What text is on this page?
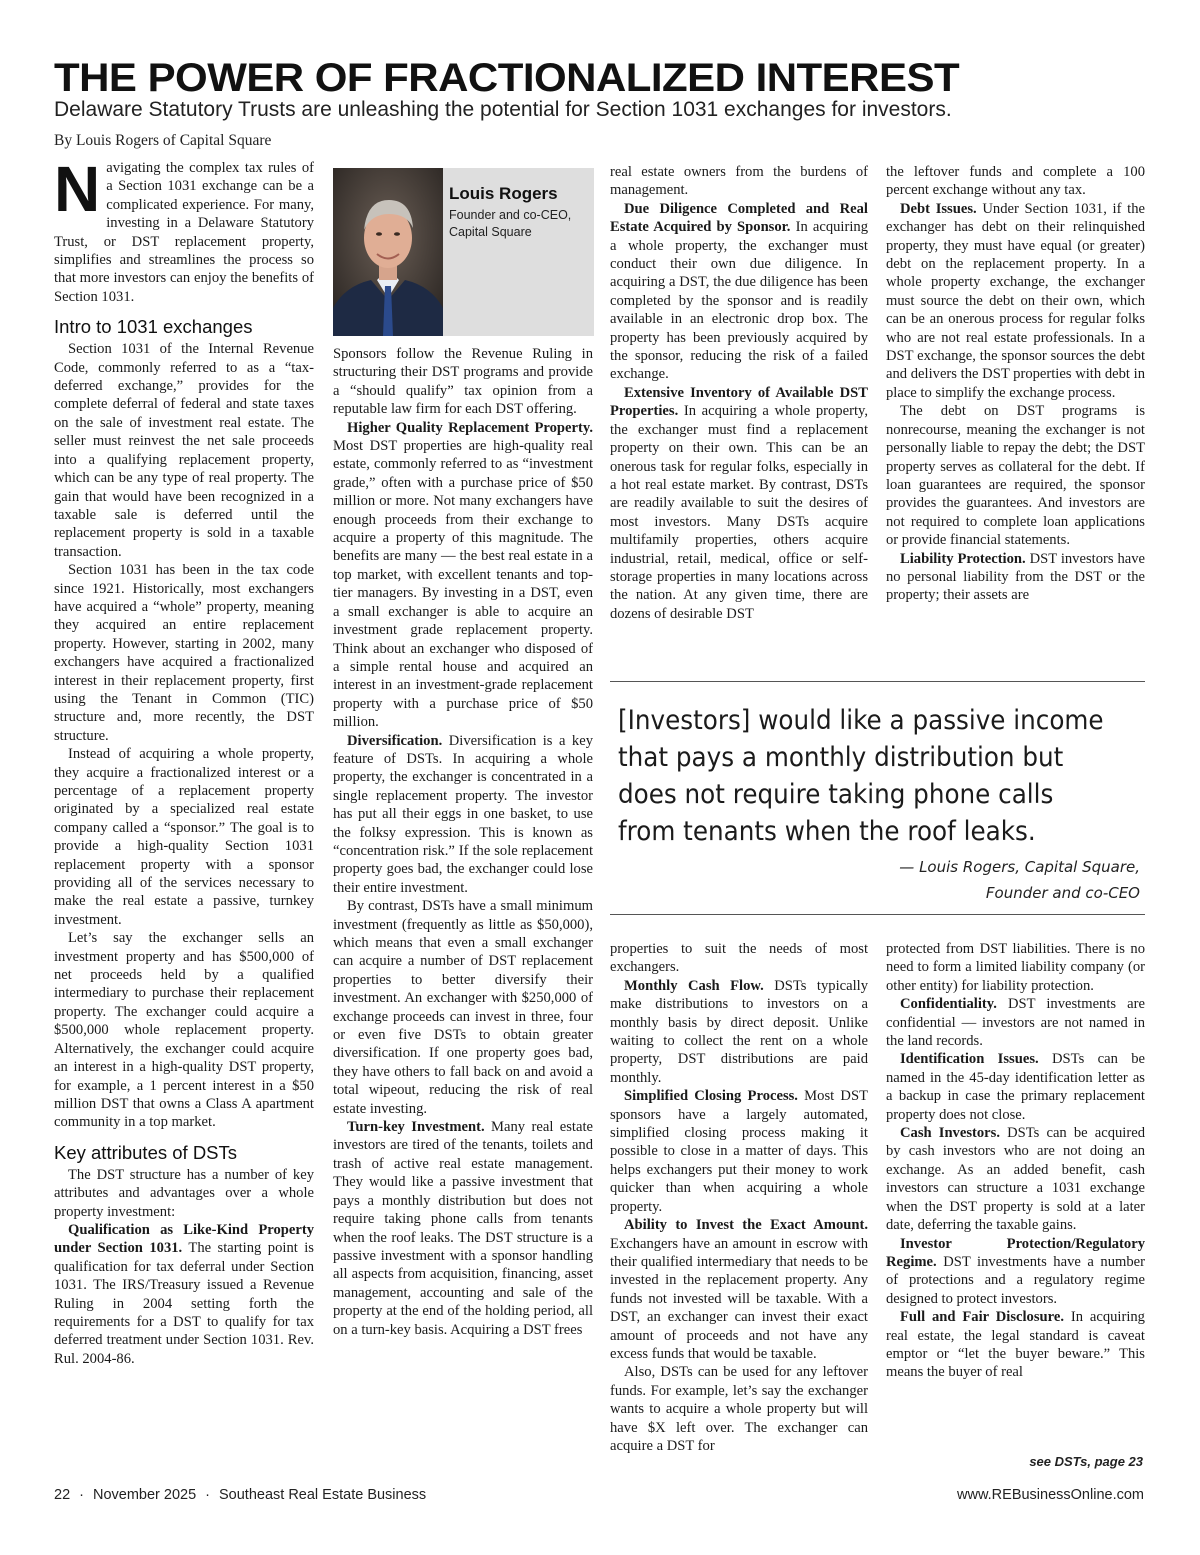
THE POWER OF FRACTIONALIZED INTEREST

Delaware Statutory Trusts are unleashing the potential for Section 1031 exchanges for investors.

By Louis Rogers of Capital Square

Navigating the complex tax rules of a Section 1031 exchange can be a complicated experience. For many, investing in a Delaware Statutory Trust, or DST replacement property, simplifies and streamlines the process so that more investors can enjoy the benefits of Section 1031.

Intro to 1031 exchanges

Section 1031 of the Internal Revenue Code, commonly referred to as a “tax-deferred exchange,” provides for the complete deferral of federal and state taxes on the sale of investment real estate. The seller must reinvest the net sale proceeds into a qualifying replacement property, which can be any type of real property. The gain that would have been recognized in a taxable sale is deferred until the replacement property is sold in a taxable transaction.

Section 1031 has been in the tax code since 1921. Historically, most exchangers have acquired a “whole” property, meaning they acquired an entire replacement property. However, starting in 2002, many exchangers have acquired a fractionalized interest in their replacement property, first using the Tenant in Common (TIC) structure and, more recently, the DST structure.

Instead of acquiring a whole property, they acquire a fractionalized interest or a percentage of a replacement property originated by a specialized real estate company called a “sponsor.” The goal is to provide a high-quality Section 1031 replacement property with a sponsor providing all of the services necessary to make the real estate a passive, turnkey investment.

Let’s say the exchanger sells an investment property and has $500,000 of net proceeds held by a qualified intermediary to purchase their replacement property. The exchanger could acquire a $500,000 whole replacement property. Alternatively, the exchanger could acquire an interest in a high-quality DST property, for example, a 1 percent interest in a $50 million DST that owns a Class A apartment community in a top market.

Key attributes of DSTs

The DST structure has a number of key attributes and advantages over a whole property investment:

Qualification as Like-Kind Property under Section 1031. The starting point is qualification for tax deferral under Section 1031. The IRS/Treasury issued a Revenue Ruling in 2004 setting forth the requirements for a DST to qualify for tax deferred treatment under Section 1031. Rev. Rul. 2004-86.

Louis Rogers

Founder and co-CEO, Capital Square

Sponsors follow the Revenue Ruling in structuring their DST programs and provide a “should qualify” tax opinion from a reputable law firm for each DST offering.

Higher Quality Replacement Property. Most DST properties are high-quality real estate, commonly referred to as “investment grade,” often with a purchase price of $50 million or more. Not many exchangers have enough proceeds from their exchange to acquire a property of this magnitude. The benefits are many — the best real estate in a top market, with excellent tenants and top-tier managers. By investing in a DST, even a small exchanger is able to acquire an investment grade replacement property. Think about an exchanger who disposed of a simple rental house and acquired an interest in an investment-grade replacement property with a purchase price of $50 million.

Diversification. Diversification is a key feature of DSTs. In acquiring a whole property, the exchanger is concentrated in a single replacement property. The investor has put all their eggs in one basket, to use the folksy expression. This is known as “concentration risk.” If the sole replacement property goes bad, the exchanger could lose their entire investment.

By contrast, DSTs have a small minimum investment (frequently as little as $50,000), which means that even a small exchanger can acquire a number of DST replacement properties to better diversify their investment. An exchanger with $250,000 of exchange proceeds can invest in three, four or even five DSTs to obtain greater diversification. If one property goes bad, they have others to fall back on and avoid a total wipeout, reducing the risk of real estate investing.

Turn-key Investment. Many real estate investors are tired of the tenants, toilets and trash of active real estate management. They would like a passive investment that pays a monthly distribution but does not require taking phone calls from tenants when the roof leaks. The DST structure is a passive investment with a sponsor handling all aspects from acquisition, financing, asset management, accounting and sale of the property at the end of the holding period, all on a turn-key basis. Acquiring a DST frees

real estate owners from the burdens of management.

Due Diligence Completed and Real Estate Acquired by Sponsor. In acquiring a whole property, the exchanger must conduct their own due diligence. In acquiring a DST, the due diligence has been completed by the sponsor and is readily available in an electronic drop box. The property has been previously acquired by the sponsor, reducing the risk of a failed exchange.

Extensive Inventory of Available DST Properties. In acquiring a whole property, the exchanger must find a replacement property on their own. This can be an onerous task for regular folks, especially in a hot real estate market. By contrast, DSTs are readily available to suit the desires of most investors. Many DSTs acquire multifamily properties, others acquire industrial, retail, medical, office or self-storage properties in many locations across the nation. At any given time, there are dozens of desirable DST

the leftover funds and complete a 100 percent exchange without any tax.

Debt Issues. Under Section 1031, if the exchanger has debt on their relinquished property, they must have equal (or greater) debt on the replacement property. In a whole property exchange, the exchanger must source the debt on their own, which can be an onerous process for regular folks who are not real estate professionals. In a DST exchange, the sponsor sources the debt and delivers the DST properties with debt in place to simplify the exchange process.

The debt on DST programs is nonrecourse, meaning the exchanger is not personally liable to repay the debt; the DST property serves as collateral for the debt. If loan guarantees are required, the sponsor provides the guarantees. And investors are not required to complete loan applications or provide financial statements.

Liability Protection. DST investors have no personal liability from the DST or the property; their assets are

[Investors] would like a passive income that pays a monthly distribution but does not require taking phone calls from tenants when the roof leaks.

— Louis Rogers, Capital Square,
Founder and co-CEO

properties to suit the needs of most exchangers.

Monthly Cash Flow. DSTs typically make distributions to investors on a monthly basis by direct deposit. Unlike waiting to collect the rent on a whole property, DST distributions are paid monthly.

Simplified Closing Process. Most DST sponsors have a largely automated, simplified closing process making it possible to close in a matter of days. This helps exchangers put their money to work quicker than when acquiring a whole property.

Ability to Invest the Exact Amount. Exchangers have an amount in escrow with their qualified intermediary that needs to be invested in the replacement property. Any funds not invested will be taxable. With a DST, an exchanger can invest their exact amount of proceeds and not have any excess funds that would be taxable.

Also, DSTs can be used for any leftover funds. For example, let’s say the exchanger wants to acquire a whole property but will have $X left over. The exchanger can acquire a DST for

protected from DST liabilities. There is no need to form a limited liability company (or other entity) for liability protection.

Confidentiality. DST investments are confidential — investors are not named in the land records.

Identification Issues. DSTs can be named in the 45-day identification letter as a backup in case the primary replacement property does not close.

Cash Investors. DSTs can be acquired by cash investors who are not doing an exchange. As an added benefit, cash investors can structure a 1031 exchange when the DST property is sold at a later date, deferring the taxable gains.

Investor Protection/Regulatory Regime. DST investments have a number of protections and a regulatory regime designed to protect investors.

Full and Fair Disclosure. In acquiring real estate, the legal standard is caveat emptor or “let the buyer beware.” This means the buyer of real

see DSTs, page 23

22 · November 2025 · Southeast Real Estate Business	www.REBusinessOnline.com
